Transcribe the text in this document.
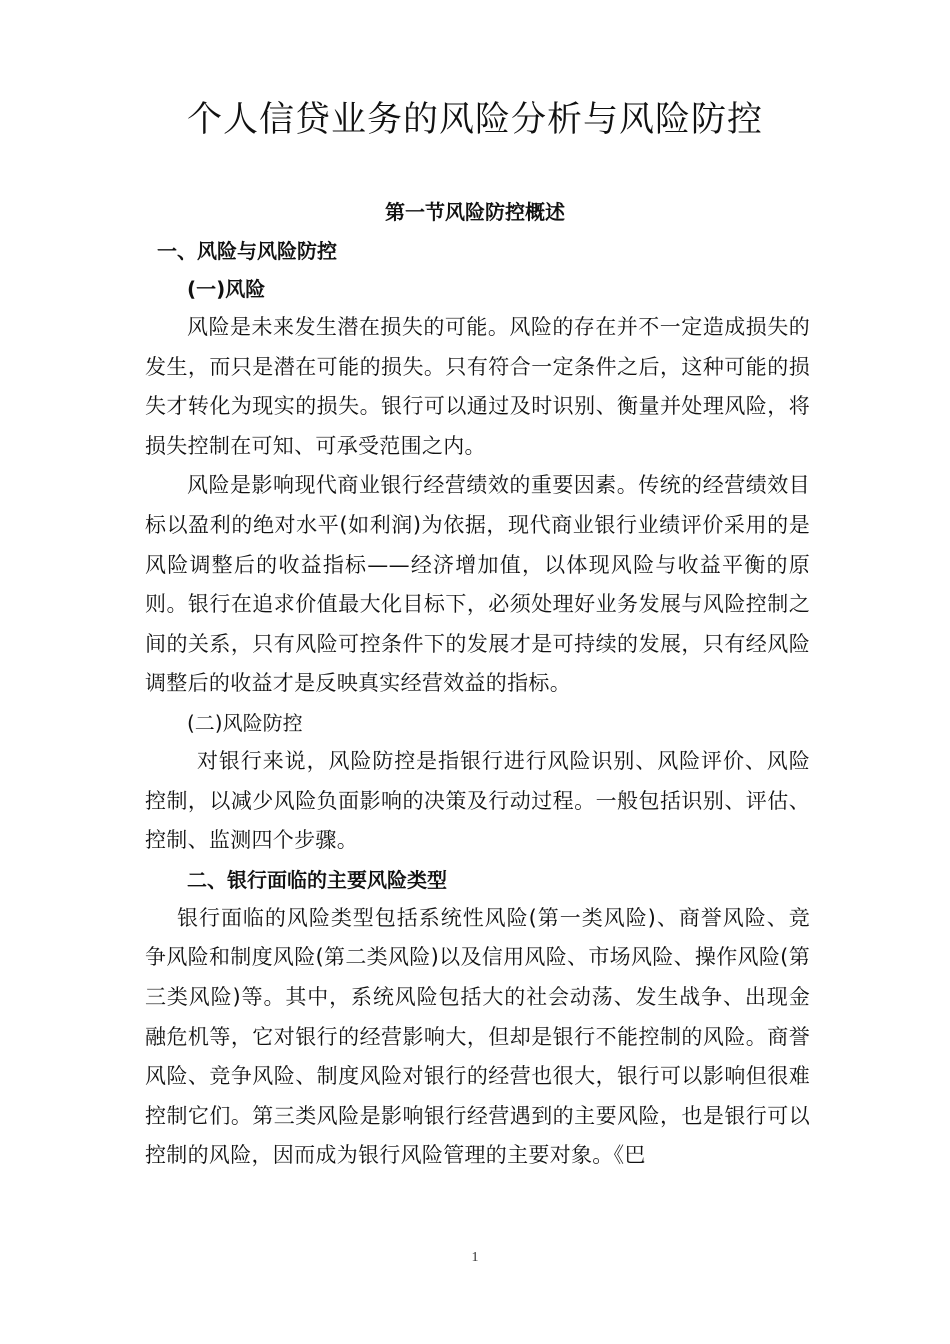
个人信贷业务的风险分析与风险防控
第一节风险防控概述

一、风险与风险防控

(一)风险

风险是未来发生潜在损失的可能。风险的存在并不一定造成损失的发生，而只是潜在可能的损失。只有符合一定条件之后，这种可能的损失才转化为现实的损失。银行可以通过及时识别、衡量并处理风险，将损失控制在可知、可承受范围之内。

风险是影响现代商业银行经营绩效的重要因素。传统的经营绩效目标以盈利的绝对水平(如利润)为依据，现代商业银行业绩评价采用的是风险调整后的收益指标——经济增加值，以体现风险与收益平衡的原则。银行在追求价值最大化目标下，必须处理好业务发展与风险控制之间的关系，只有风险可控条件下的发展才是可持续的发展，只有经风险调整后的收益才是反映真实经营效益的指标。

(二)风险防控

对银行来说，风险防控是指银行进行风险识别、风险评价、风险控制，以减少风险负面影响的决策及行动过程。一般包括识别、评估、控制、监测四个步骤。

二、银行面临的主要风险类型

银行面临的风险类型包括系统性风险(第一类风险)、商誉风险、竞争风险和制度风险(第二类风险)以及信用风险、市场风险、操作风险(第三类风险)等。其中，系统风险包括大的社会动荡、发生战争、出现金融危机等，它对银行的经营影响大，但却是银行不能控制的风险。商誉风险、竞争风险、制度风险对银行的经营也很大，银行可以影响但很难控制它们。第三类风险是影响银行经营遇到的主要风险，也是银行可以控制的风险，因而成为银行风险管理的主要对象。《巴

1
